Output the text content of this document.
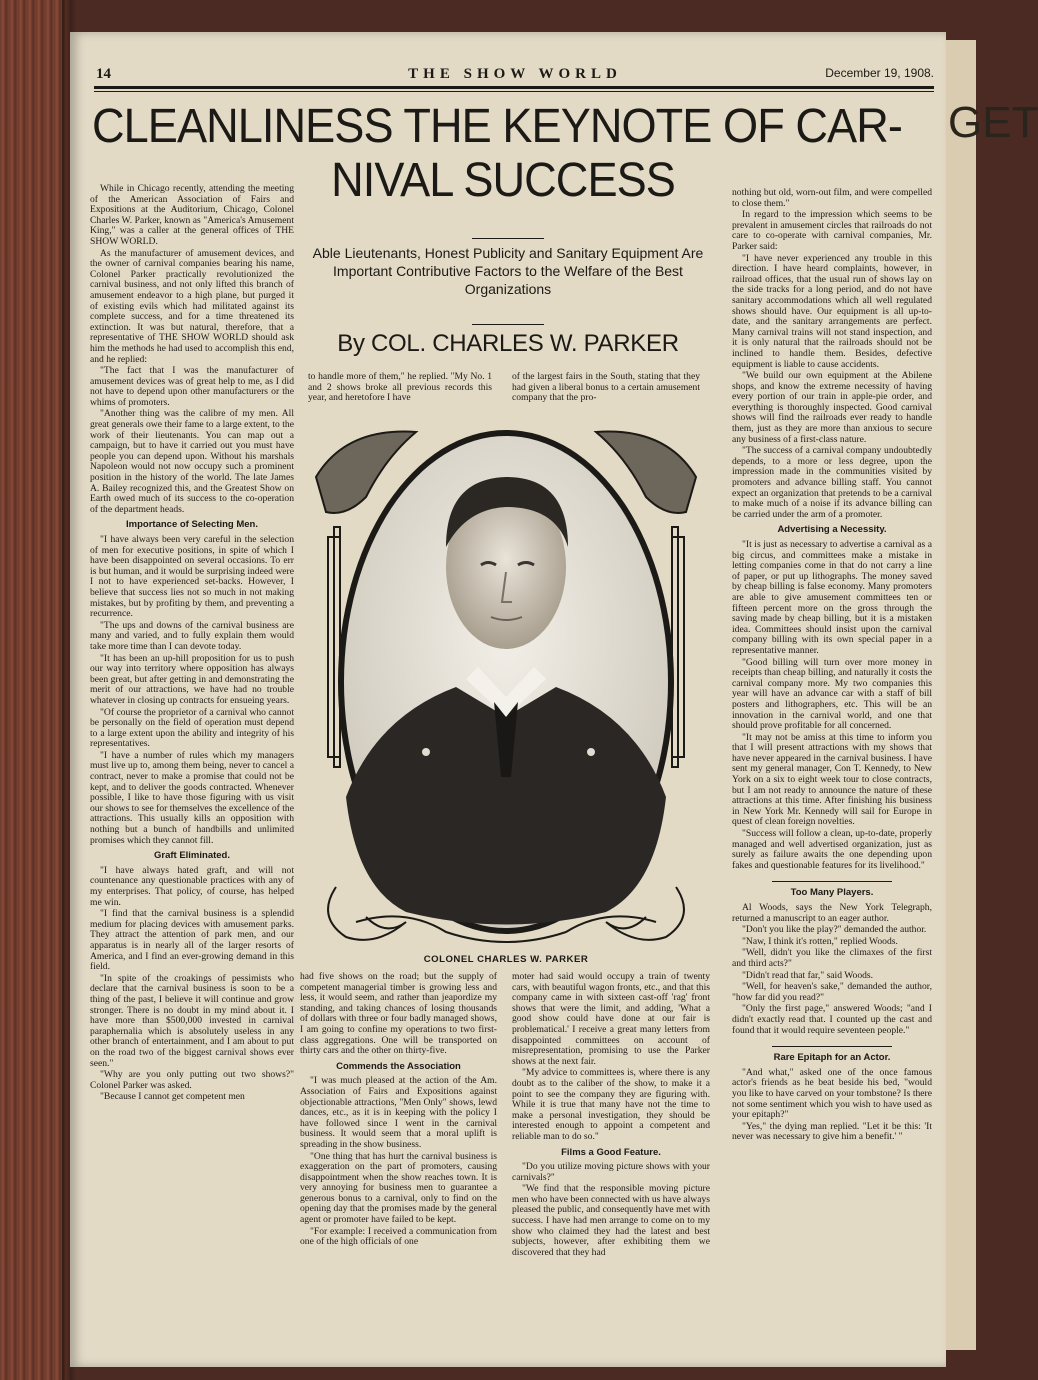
GET
14	THE SHOW WORLD	December 19, 1908.
CLEANLINESS THE KEYNOTE OF CAR-
NIVAL SUCCESS
Able Lieutenants, Honest Publicity and Sanitary Equipment Are Important Contributive Factors to the Welfare of the Best Organizations
By COL. CHARLES W. PARKER

While in Chicago recently, attending the meeting of the American Association of Fairs and Expositions at the Auditorium, Chicago, Colonel Charles W. Parker, known as "America's Amusement King," was a caller at the general offices of THE SHOW WORLD.

As the manufacturer of amusement devices, and the owner of carnival companies bearing his name, Colonel Parker practically revolutionized the carnival business, and not only lifted this branch of amusement endeavor to a high plane, but purged it of existing evils which had militated against its complete success, and for a time threatened its extinction. It was but natural, therefore, that a representative of THE SHOW WORLD should ask him the methods he had used to accomplish this end, and he replied:

"The fact that I was the manufacturer of amusement devices was of great help to me, as I did not have to depend upon other manufacturers or the whims of promoters.

"Another thing was the calibre of my men. All great generals owe their fame to a large extent, to the work of their lieutenants. You can map out a campaign, but to have it carried out you must have people you can depend upon. Without his marshals Napoleon would not now occupy such a prominent position in the history of the world. The late James A. Bailey recognized this, and the Greatest Show on Earth owed much of its success to the co-operation of the department heads.

Importance of Selecting Men.

"I have always been very careful in the selection of men for executive positions, in spite of which I have been disappointed on several occasions. To err is but human, and it would be surprising indeed were I not to have experienced set-backs. However, I believe that success lies not so much in not making mistakes, but by profiting by them, and preventing a recurrence.

"The ups and downs of the carnival business are many and varied, and to fully explain them would take more time than I can devote today.

"It has been an up-hill proposition for us to push our way into territory where opposition has always been great, but after getting in and demonstrating the merit of our attractions, we have had no trouble whatever in closing up contracts for ensueing years.

"Of course the proprietor of a carnival who cannot be personally on the field of operation must depend to a large extent upon the ability and integrity of his representatives.

"I have a number of rules which my managers must live up to, among them being, never to cancel a contract, never to make a promise that could not be kept, and to deliver the goods contracted. Whenever possible, I like to have those figuring with us visit our shows to see for themselves the excellence of the attractions. This usually kills an opposition with nothing but a bunch of handbills and unlimited promises which they cannot fill.

Graft Eliminated.

"I have always hated graft, and will not countenance any questionable practices with any of my enterprises. That policy, of course, has helped me win.

"I find that the carnival business is a splendid medium for placing devices with amusement parks. They attract the attention of park men, and our apparatus is in nearly all of the larger resorts of America, and I find an ever-growing demand in this field.

"In spite of the croakings of pessimists who declare that the carnival business is soon to be a thing of the past, I believe it will continue and grow stronger. There is no doubt in my mind about it. I have more than $500,000 invested in carnival paraphernalia which is absolutely useless in any other branch of entertainment, and I am about to put on the road two of the biggest carnival shows ever seen."

"Why are you only putting out two shows?" Colonel Parker was asked.

"Because I cannot get competent men

to handle more of them," he replied. "My No. 1 and 2 shows broke all previous records this year, and heretofore I have

of the largest fairs in the South, stating that they had given a liberal bonus to a certain amusement company that the pro-

COLONEL CHARLES W. PARKER

had five shows on the road; but the supply of competent managerial timber is growing less and less, it would seem, and rather than jeapordize my standing, and taking chances of losing thousands of dollars with three or four badly managed shows, I am going to confine my operations to two first-class aggregations. One will be transported on thirty cars and the other on thirty-five.

Commends the Association

"I was much pleased at the action of the Am. Association of Fairs and Expositions against objectionable attractions, "Men Only" shows, lewd dances, etc., as it is in keeping with the policy I have followed since I went in the carnival business. It would seem that a moral uplift is spreading in the show business.

"One thing that has hurt the carnival business is exaggeration on the part of promoters, causing disappointment when the show reaches town. It is very annoying for business men to guarantee a generous bonus to a carnival, only to find on the opening day that the promises made by the general agent or promoter have failed to be kept.

"For example: I received a communication from one of the high officials of one

moter had said would occupy a train of twenty cars, with beautiful wagon fronts, etc., and that this company came in with sixteen cast-off 'rag' front shows that were the limit, and adding, 'What a good show could have done at our fair is problematical.' I receive a great many letters from disappointed committees on account of misrepresentation, promising to use the Parker shows at the next fair.

"My advice to committees is, where there is any doubt as to the caliber of the show, to make it a point to see the company they are figuring with. While it is true that many have not the time to make a personal investigation, they should be interested enough to appoint a competent and reliable man to do so."

Films a Good Feature.

"Do you utilize moving picture shows with your carnivals?"

"We find that the responsible moving picture men who have been connected with us have always pleased the public, and consequently have met with success. I have had men arrange to come on to my show who claimed they had the latest and best subjects, however, after exhibiting them we discovered that they had

nothing but old, worn-out film, and were compelled to close them."

In regard to the impression which seems to be prevalent in amusement circles that railroads do not care to co-operate with carnival companies, Mr. Parker said:

"I have never experienced any trouble in this direction. I have heard complaints, however, in railroad offices, that the usual run of shows lay on the side tracks for a long period, and do not have sanitary accommodations which all well regulated shows should have. Our equipment is all up-to-date, and the sanitary arrangements are perfect. Many carnival trains will not stand inspection, and it is only natural that the railroads should not be inclined to handle them. Besides, defective equipment is liable to cause accidents.

"We build our own equipment at the Abilene shops, and know the extreme necessity of having every portion of our train in apple-pie order, and everything is thoroughly inspected. Good carnival shows will find the railroads ever ready to handle them, just as they are more than anxious to secure any business of a first-class nature.

"The success of a carnival company undoubtedly depends, to a more or less degree, upon the impression made in the communities visited by promoters and advance billing staff. You cannot expect an organization that pretends to be a carnival to make much of a noise if its advance billing can be carried under the arm of a promoter.

Advertising a Necessity.

"It is just as necessary to advertise a carnival as a big circus, and committees make a mistake in letting companies come in that do not carry a line of paper, or put up lithographs. The money saved by cheap billing is false economy. Many promoters are able to give amusement committees ten or fifteen percent more on the gross through the saving made by cheap billing, but it is a mistaken idea. Committees should insist upon the carnival company billing with its own special paper in a representative manner.

"Good billing will turn over more money in receipts than cheap billing, and naturally it costs the carnival company more. My two companies this year will have an advance car with a staff of bill posters and lithographers, etc. This will be an innovation in the carnival world, and one that should prove profitable for all concerned.

"It may not be amiss at this time to inform you that I will present attractions with my shows that have never appeared in the carnival business. I have sent my general manager, Con T. Kennedy, to New York on a six to eight week tour to close contracts, but I am not ready to announce the nature of these attractions at this time. After finishing his business in New York Mr. Kennedy will sail for Europe in quest of clean foreign novelties.

"Success will follow a clean, up-to-date, properly managed and well advertised organization, just as surely as failure awaits the one depending upon fakes and questionable features for its livelihood."

Too Many Players.

Al Woods, says the New York Telegraph, returned a manuscript to an eager author.

"Don't you like the play?" demanded the author.

"Naw, I think it's rotten," replied Woods.

"Well, didn't you like the climaxes of the first and third acts?"

"Didn't read that far," said Woods.

"Well, for heaven's sake," demanded the author, "how far did you read?"

"Only the first page," answered Woods; "and I didn't exactly read that. I counted up the cast and found that it would require seventeen people."

Rare Epitaph for an Actor.

"And what," asked one of the once famous actor's friends as he beat beside his bed, "would you like to have carved on your tombstone? Is there not some sentiment which you wish to have used as your epitaph?"

"Yes," the dying man replied. "Let it be this: 'It never was necessary to give him a benefit.' "
